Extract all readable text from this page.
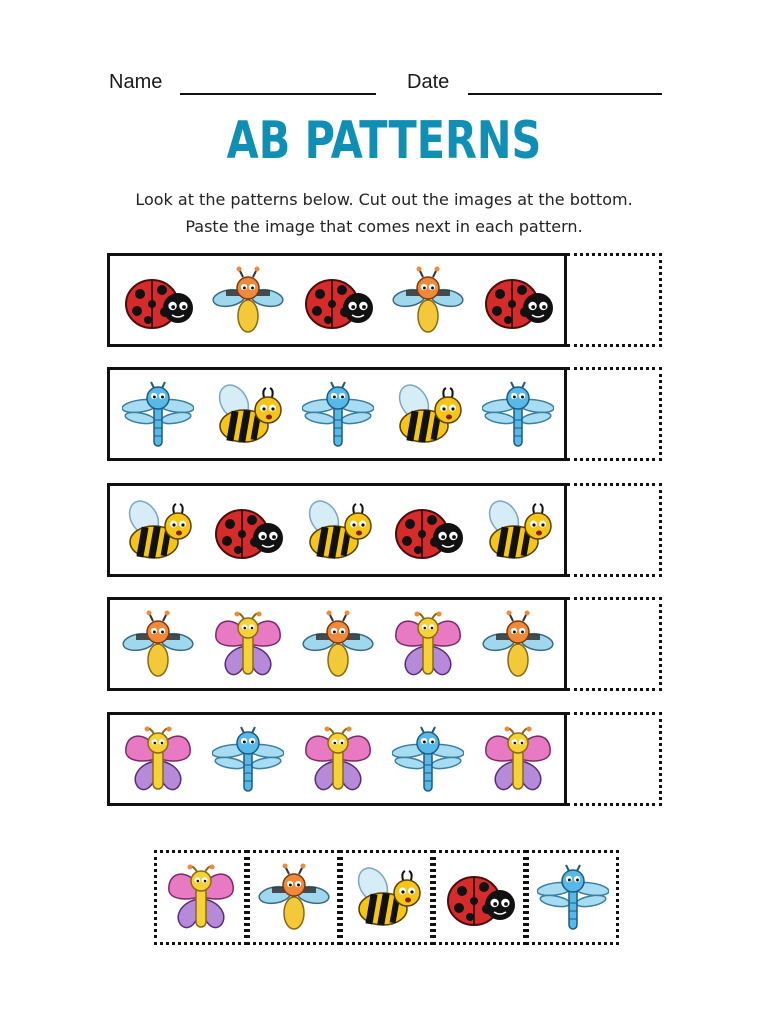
Name	Date
AB PATTERNS
Look at the patterns below. Cut out the images at the bottom.
Paste the image that comes next in each pattern.
